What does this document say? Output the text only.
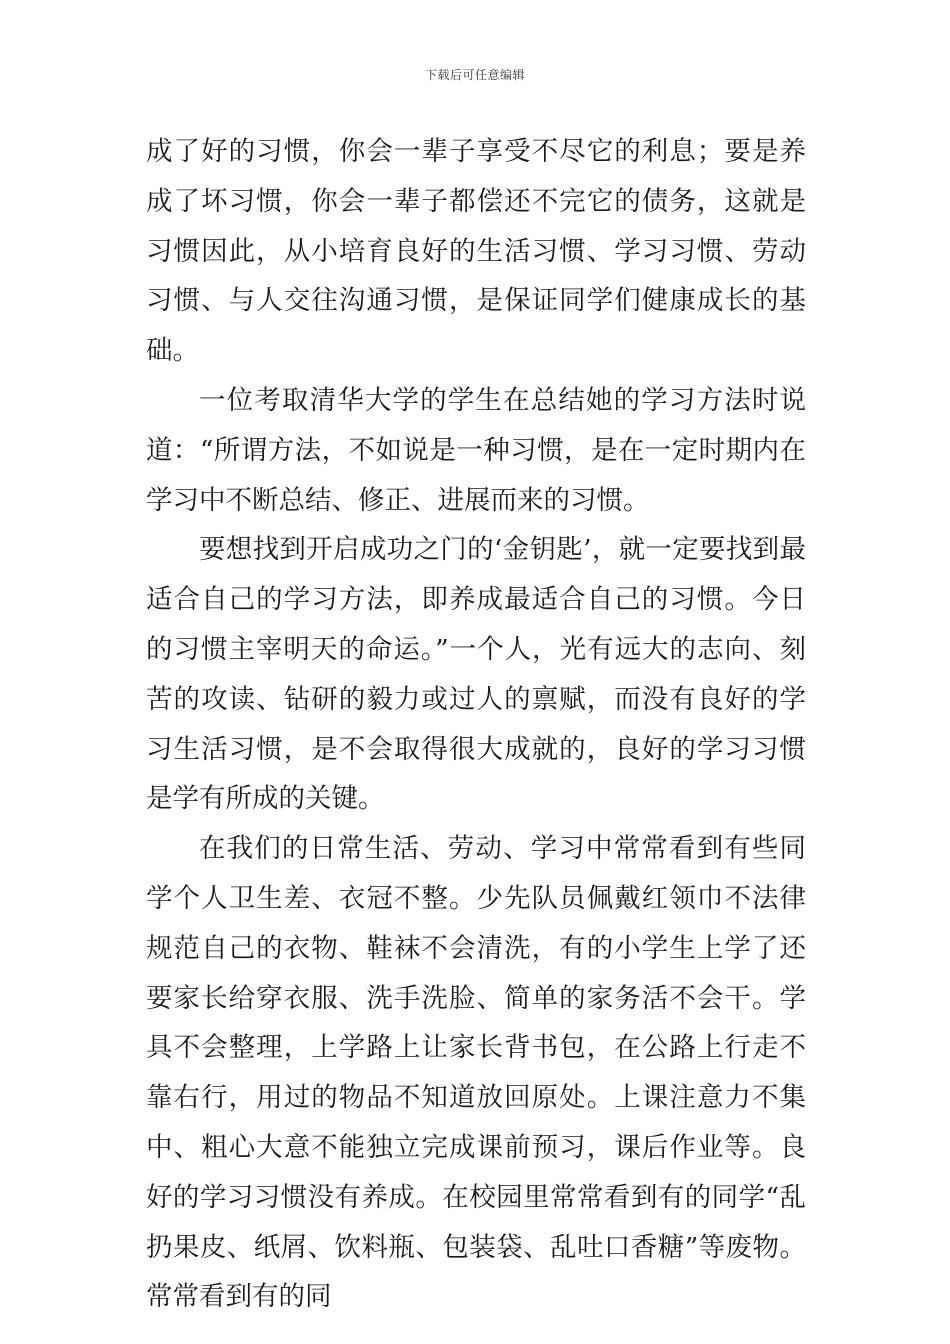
下载后可任意编辑

成了好的习惯，你会一辈子享受不尽它的利息；要是养成了坏习惯，你会一辈子都偿还不完它的债务，这就是习惯因此，从小培育良好的生活习惯、学习习惯、劳动习惯、与人交往沟通习惯，是保证同学们健康成长的基础。

一位考取清华大学的学生在总结她的学习方法时说道：“所谓方法，不如说是一种习惯，是在一定时期内在学习中不断总结、修正、进展而来的习惯。

要想找到开启成功之门的‘金钥匙’，就一定要找到最适合自己的学习方法，即养成最适合自己的习惯。今日的习惯主宰明天的命运。”一个人，光有远大的志向、刻苦的攻读、钻研的毅力或过人的禀赋，而没有良好的学习生活习惯，是不会取得很大成就的，良好的学习习惯是学有所成的关键。

在我们的日常生活、劳动、学习中常常看到有些同学个人卫生差、衣冠不整。少先队员佩戴红领巾不法律规范自己的衣物、鞋袜不会清洗，有的小学生上学了还要家长给穿衣服、洗手洗脸、简单的家务活不会干。学具不会整理，上学路上让家长背书包，在公路上行走不靠右行，用过的物品不知道放回原处。上课注意力不集中、粗心大意不能独立完成课前预习，课后作业等。良好的学习习惯没有养成。在校园里常常看到有的同学“乱扔果皮、纸屑、饮料瓶、包装袋、乱吐口香糖”等废物。常常看到有的同
